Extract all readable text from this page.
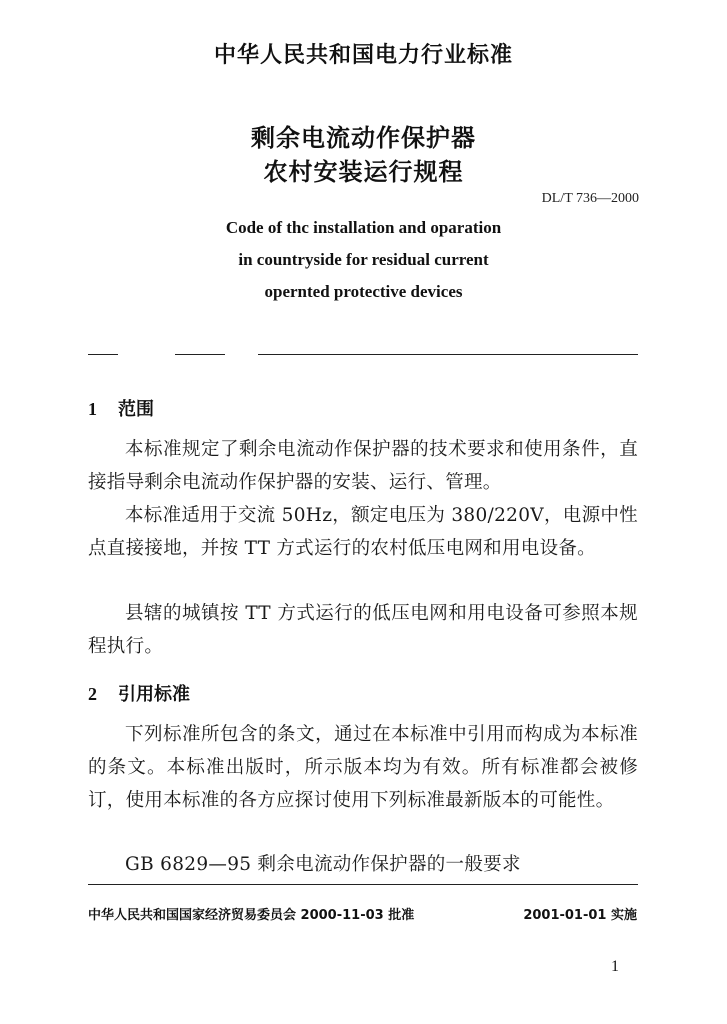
中华人民共和国电力行业标准
剩余电流动作保护器
农村安装运行规程
DL/T 736—2000
Code of thc installation and oparation
in countryside for residual current
opernted protective devices
1 范围
本标准规定了剩余电流动作保护器的技术要求和使用条件，直接指导剩余电流动作保护器的安装、运行、管理。
本标准适用于交流 50Hz，额定电压为 380/220V，电源中性点直接接地，并按 TT 方式运行的农村低压电网和用电设备。
县辖的城镇按 TT 方式运行的低压电网和用电设备可参照本规程执行。
2 引用标准
下列标准所包含的条文，通过在本标准中引用而构成为本标准的条文。本标准出版时，所示版本均为有效。所有标准都会被修订，使用本标准的各方应探讨使用下列标准最新版本的可能性。
GB 6829—95 剩余电流动作保护器的一般要求
中华人民共和国国家经济贸易委员会 2000-11-03 批准	2001-01-01 实施
1
